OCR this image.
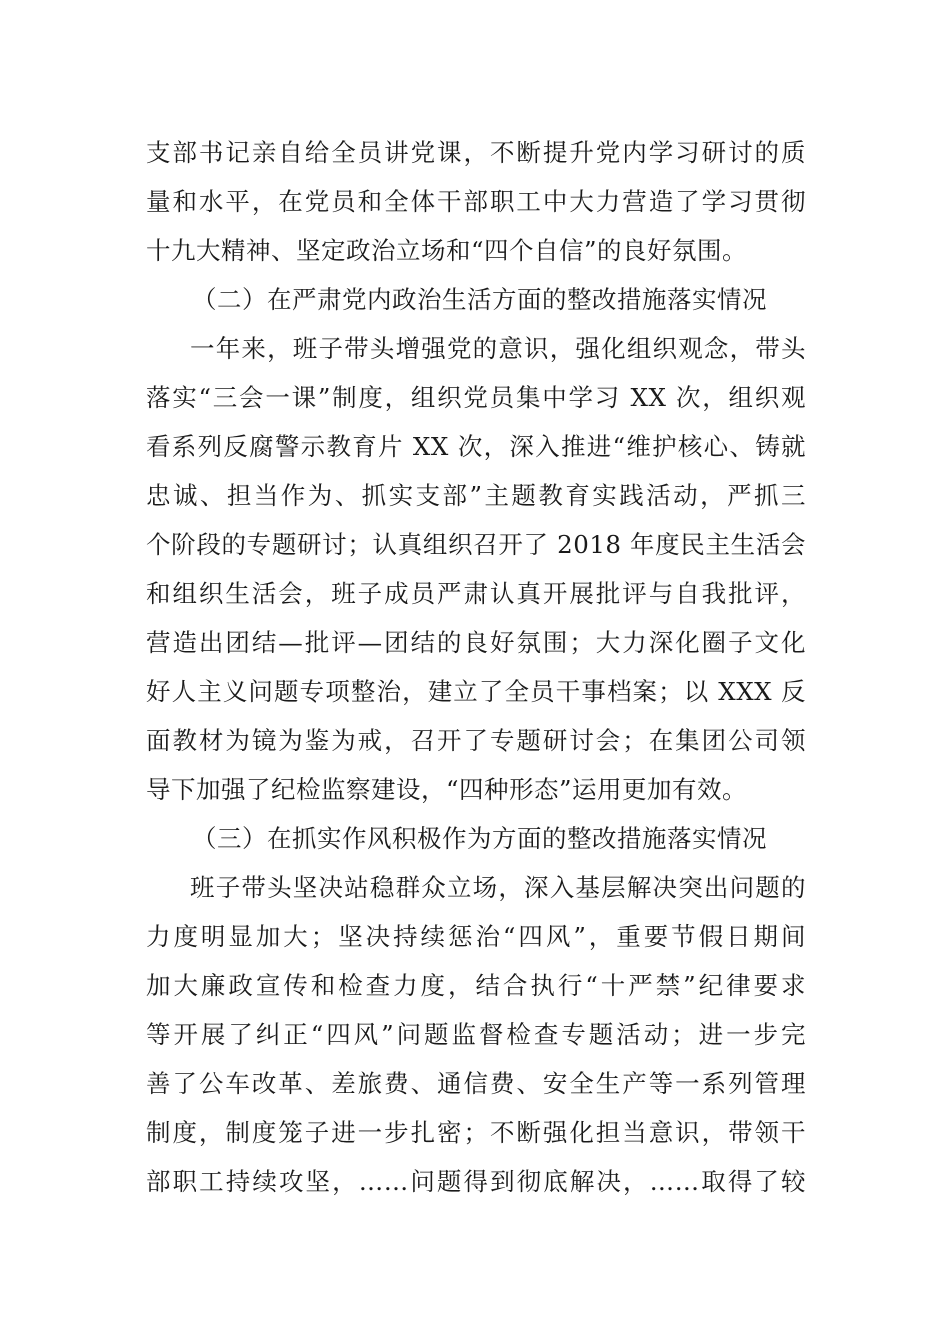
支部书记亲自给全员讲党课，不断提升党内学习研讨的质
量和水平，在党员和全体干部职工中大力营造了学习贯彻
十九大精神、坚定政治立场和“四个自信”的良好氛围。
（二）在严肃党内政治生活方面的整改措施落实情况
一年来，班子带头增强党的意识，强化组织观念，带头
落实“三会一课”制度，组织党员集中学习 XX 次，组织观
看系列反腐警示教育片 XX 次，深入推进“维护核心、铸就
忠诚、担当作为、抓实支部”主题教育实践活动，严抓三
个阶段的专题研讨；认真组织召开了 2018 年度民主生活会
和组织生活会，班子成员严肃认真开展批评与自我批评，
营造出团结—批评—团结的良好氛围；大力深化圈子文化
好人主义问题专项整治，建立了全员干事档案；以 XXX 反
面教材为镜为鉴为戒，召开了专题研讨会；在集团公司领
导下加强了纪检监察建设，“四种形态”运用更加有效。
（三）在抓实作风积极作为方面的整改措施落实情况
班子带头坚决站稳群众立场，深入基层解决突出问题的
力度明显加大；坚决持续惩治“四风”，重要节假日期间
加大廉政宣传和检查力度，结合执行“十严禁”纪律要求
等开展了纠正“四风”问题监督检查专题活动；进一步完
善了公车改革、差旅费、通信费、安全生产等一系列管理
制度，制度笼子进一步扎密；不断强化担当意识，带领干
部职工持续攻坚，……问题得到彻底解决，……取得了较
